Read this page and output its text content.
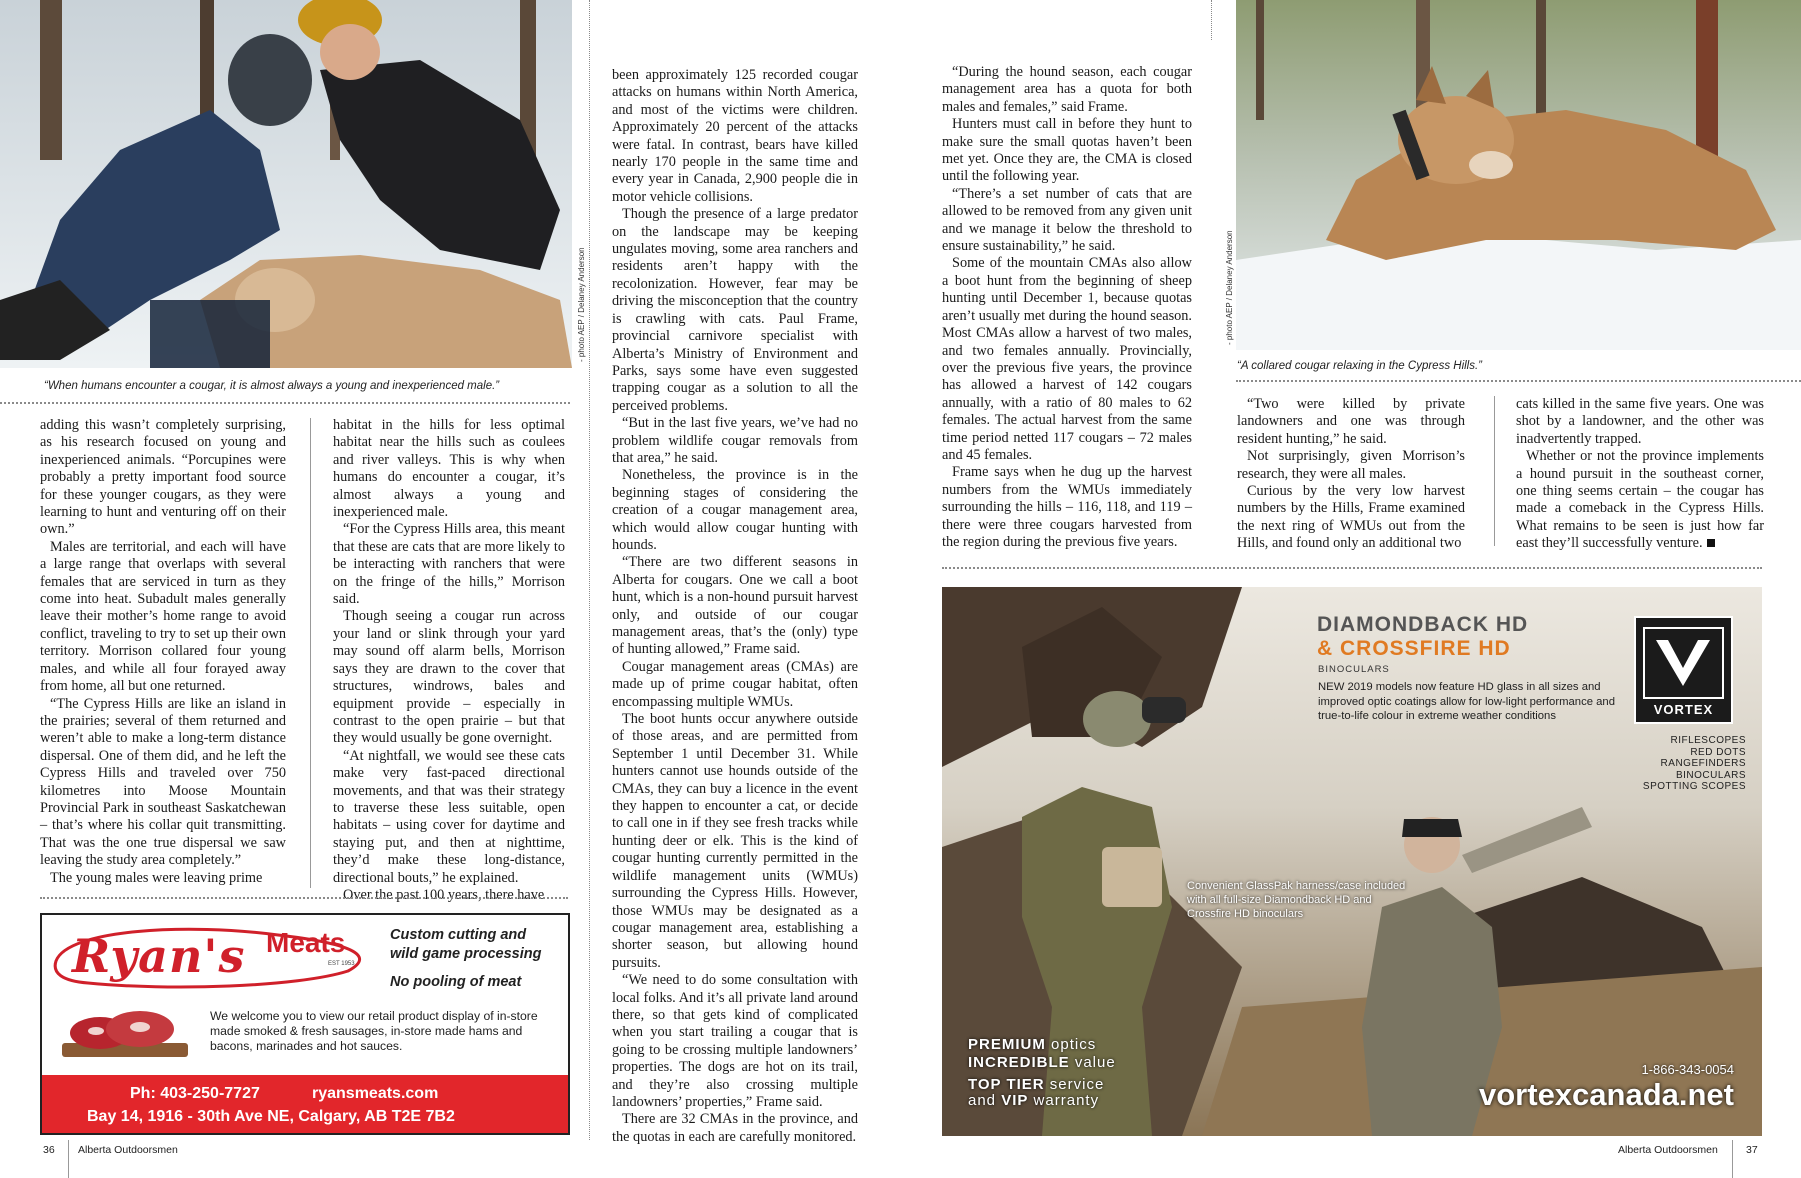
- photo AEP / Delaney Anderson
“When humans encounter a cougar, it is almost always a young and inexperienced male.”

adding this wasn’t completely surprising, as his research focused on young and inexperienced animals. “Porcupines were probably a pretty important food source for these younger cougars, as they were learning to hunt and venturing off on their own.”

Males are territorial, and each will have a large range that overlaps with several females that are serviced in turn as they come into heat. Subadult males generally leave their mother’s home range to avoid conflict, traveling to try to set up their own territory. Morrison collared four young males, and while all four forayed away from home, all but one returned.

“The Cypress Hills are like an island in the prairies; several of them returned and weren’t able to make a long-term distance dispersal. One of them did, and he left the Cypress Hills and traveled over 750 kilometres into Moose Mountain Provincial Park in southeast Saskatchewan – that’s where his collar quit transmitting. That was the one true dispersal we saw leaving the study area completely.”

The young males were leaving prime

habitat in the hills for less optimal habitat near the hills such as coulees and river valleys. This is why when humans do encounter a cougar, it’s almost always a young and inexperienced male.

“For the Cypress Hills area, this meant that these are cats that are more likely to be interacting with ranchers that were on the fringe of the hills,” Morrison said.

Though seeing a cougar run across your land or slink through your yard may sound off alarm bells, Morrison says they are drawn to the cover that structures, windrows, bales and equipment provide – especially in contrast to the open prairie – but that they would usually be gone overnight.

“At nightfall, we would see these cats make very fast-paced directional movements, and that was their strategy to traverse these less suitable, open habitats – using cover for daytime and staying put, and then at nighttime, they’d make these long-distance, directional bouts,” he explained.

Over the past 100 years, there have

Ryan's Meats
EST 1953
Custom cutting and
wild game processing
No pooling of meat
We welcome you to view our retail product display of in-store made smoked & fresh sausages, in-store made hams and bacons, marinades and hot sauces.
Ph: 403-250-7727	ryansmeats.com
Bay 14, 1916 - 30th Ave NE, Calgary, AB T2E 7B2

been approximately 125 recorded cougar attacks on humans within North America, and most of the victims were children. Approximately 20 percent of the attacks were fatal. In contrast, bears have killed nearly 170 people in the same time and every year in Canada, 2,900 people die in motor vehicle collisions.

Though the presence of a large predator on the landscape may be keeping ungulates moving, some area ranchers and residents aren’t happy with the recolonization. However, fear may be driving the misconception that the country is crawling with cats. Paul Frame, provincial carnivore specialist with Alberta’s Ministry of Environment and Parks, says some have even suggested trapping cougar as a solution to all the perceived problems.

“But in the last five years, we’ve had no problem wildlife cougar removals from that area,” he said.

Nonetheless, the province is in the beginning stages of considering the creation of a cougar management area, which would allow cougar hunting with hounds.

“There are two different seasons in Alberta for cougars. One we call a boot hunt, which is a non-hound pursuit harvest only, and outside of our cougar management areas, that’s the (only) type of hunting allowed,” Frame said.

Cougar management areas (CMAs) are made up of prime cougar habitat, often encompassing multiple WMUs.

The boot hunts occur anywhere outside of those areas, and are permitted from September 1 until December 31. While hunters cannot use hounds outside of the CMAs, they can buy a licence in the event they happen to encounter a cat, or decide to call one in if they see fresh tracks while hunting deer or elk. This is the kind of cougar hunting currently permitted in the wildlife management units (WMUs) surrounding the Cypress Hills. However, those WMUs may be designated as a cougar management area, establishing a shorter season, but allowing hound pursuits.

“We need to do some consultation with local folks. And it’s all private land around there, so that gets kind of complicated when you start trailing a cougar that is going to be crossing multiple landowners’ properties. The dogs are hot on its trail, and they’re also crossing multiple landowners’ properties,” Frame said.

There are 32 CMAs in the province, and the quotas in each are carefully monitored.

36 Alberta Outdoorsmen

“During the hound season, each cougar management area has a quota for both males and females,” said Frame.

Hunters must call in before they hunt to make sure the small quotas haven’t been met yet. Once they are, the CMA is closed until the following year.

“There’s a set number of cats that are allowed to be removed from any given unit and we manage it below the threshold to ensure sustainability,” he said.

Some of the mountain CMAs also allow a boot hunt from the beginning of sheep hunting until December 1, because quotas aren’t usually met during the hound season. Most CMAs allow a harvest of two males, and two females annually. Provincially, over the previous five years, the province has allowed a harvest of 142 cougars annually, with a ratio of 80 males to 62 females. The actual harvest from the same time period netted 117 cougars – 72 males and 45 females.

Frame says when he dug up the harvest numbers from the WMUs immediately surrounding the hills – 116, 118, and 119 – there were three cougars harvested from the region during the previous five years.

- photo AEP / Delaney Anderson
“A collared cougar relaxing in the Cypress Hills.”

“Two were killed by private landowners and one was through resident hunting,” he said.

Not surprisingly, given Morrison’s research, they were all males.

Curious by the very low harvest numbers by the Hills, Frame examined the next ring of WMUs out from the Hills, and found only an additional two

cats killed in the same five years. One was shot by a landowner, and the other was inadvertently trapped.

Whether or not the province implements a hound pursuit in the southeast corner, one thing seems certain – the cougar has made a comeback in the Cypress Hills. What remains to be seen is just how far east they’ll successfully venture.

DIAMONDBACK HD
& CROSSFIRE HD
BINOCULARS
NEW 2019 models now feature HD glass in all sizes and improved optic coatings allow for low-light performance and true-to-life colour in extreme weather conditions	VORTEX
RIFLESCOPES
RED DOTS
RANGEFINDERS
BINOCULARS
SPOTTING SCOPES
Convenient GlassPak harness/case included with all full-size Diamondback HD and Crossfire HD binoculars
PREMIUM optics
INCREDIBLE value
TOP TIER service
and VIP warranty
1-866-343-0054
vortexcanada.net
Alberta Outdoorsmen	37
